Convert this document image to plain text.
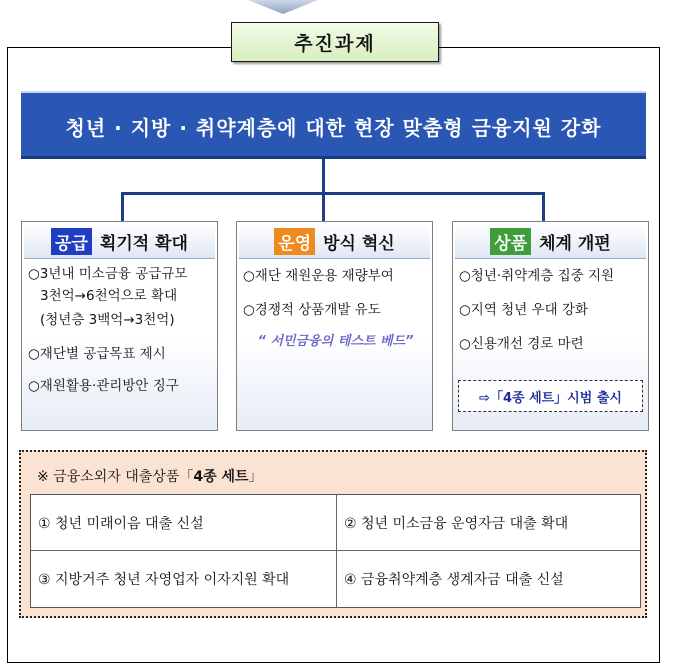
추진과제
청년 · 지방 · 취약계층에 대한 현장 맞춤형 금융지원 강화
공급 획기적 확대
○3년내 미소금융 공급규모
3천억→6천억으로 확대
(청년층 3백억→3천억)
○재단별 공급목표 제시
○재원활용·관리방안 징구
운영 방식 혁신
○재단 재원운용 재량부여
○경쟁적 상품개발 유도
“ 서민금융의 테스트 베드”
상품 체계 개편
○청년·취약계층 집중 지원
○지역 청년 우대 강화
○신용개선 경로 마련
⇨「4종 세트」시범 출시
※ 금융소외자 대출상품「4종 세트」
① 청년 미래이음 대출 신설	② 청년 미소금융 운영자금 대출 확대
③ 지방거주 청년 자영업자 이자지원 확대	④ 금융취약계층 생계자금 대출 신설
